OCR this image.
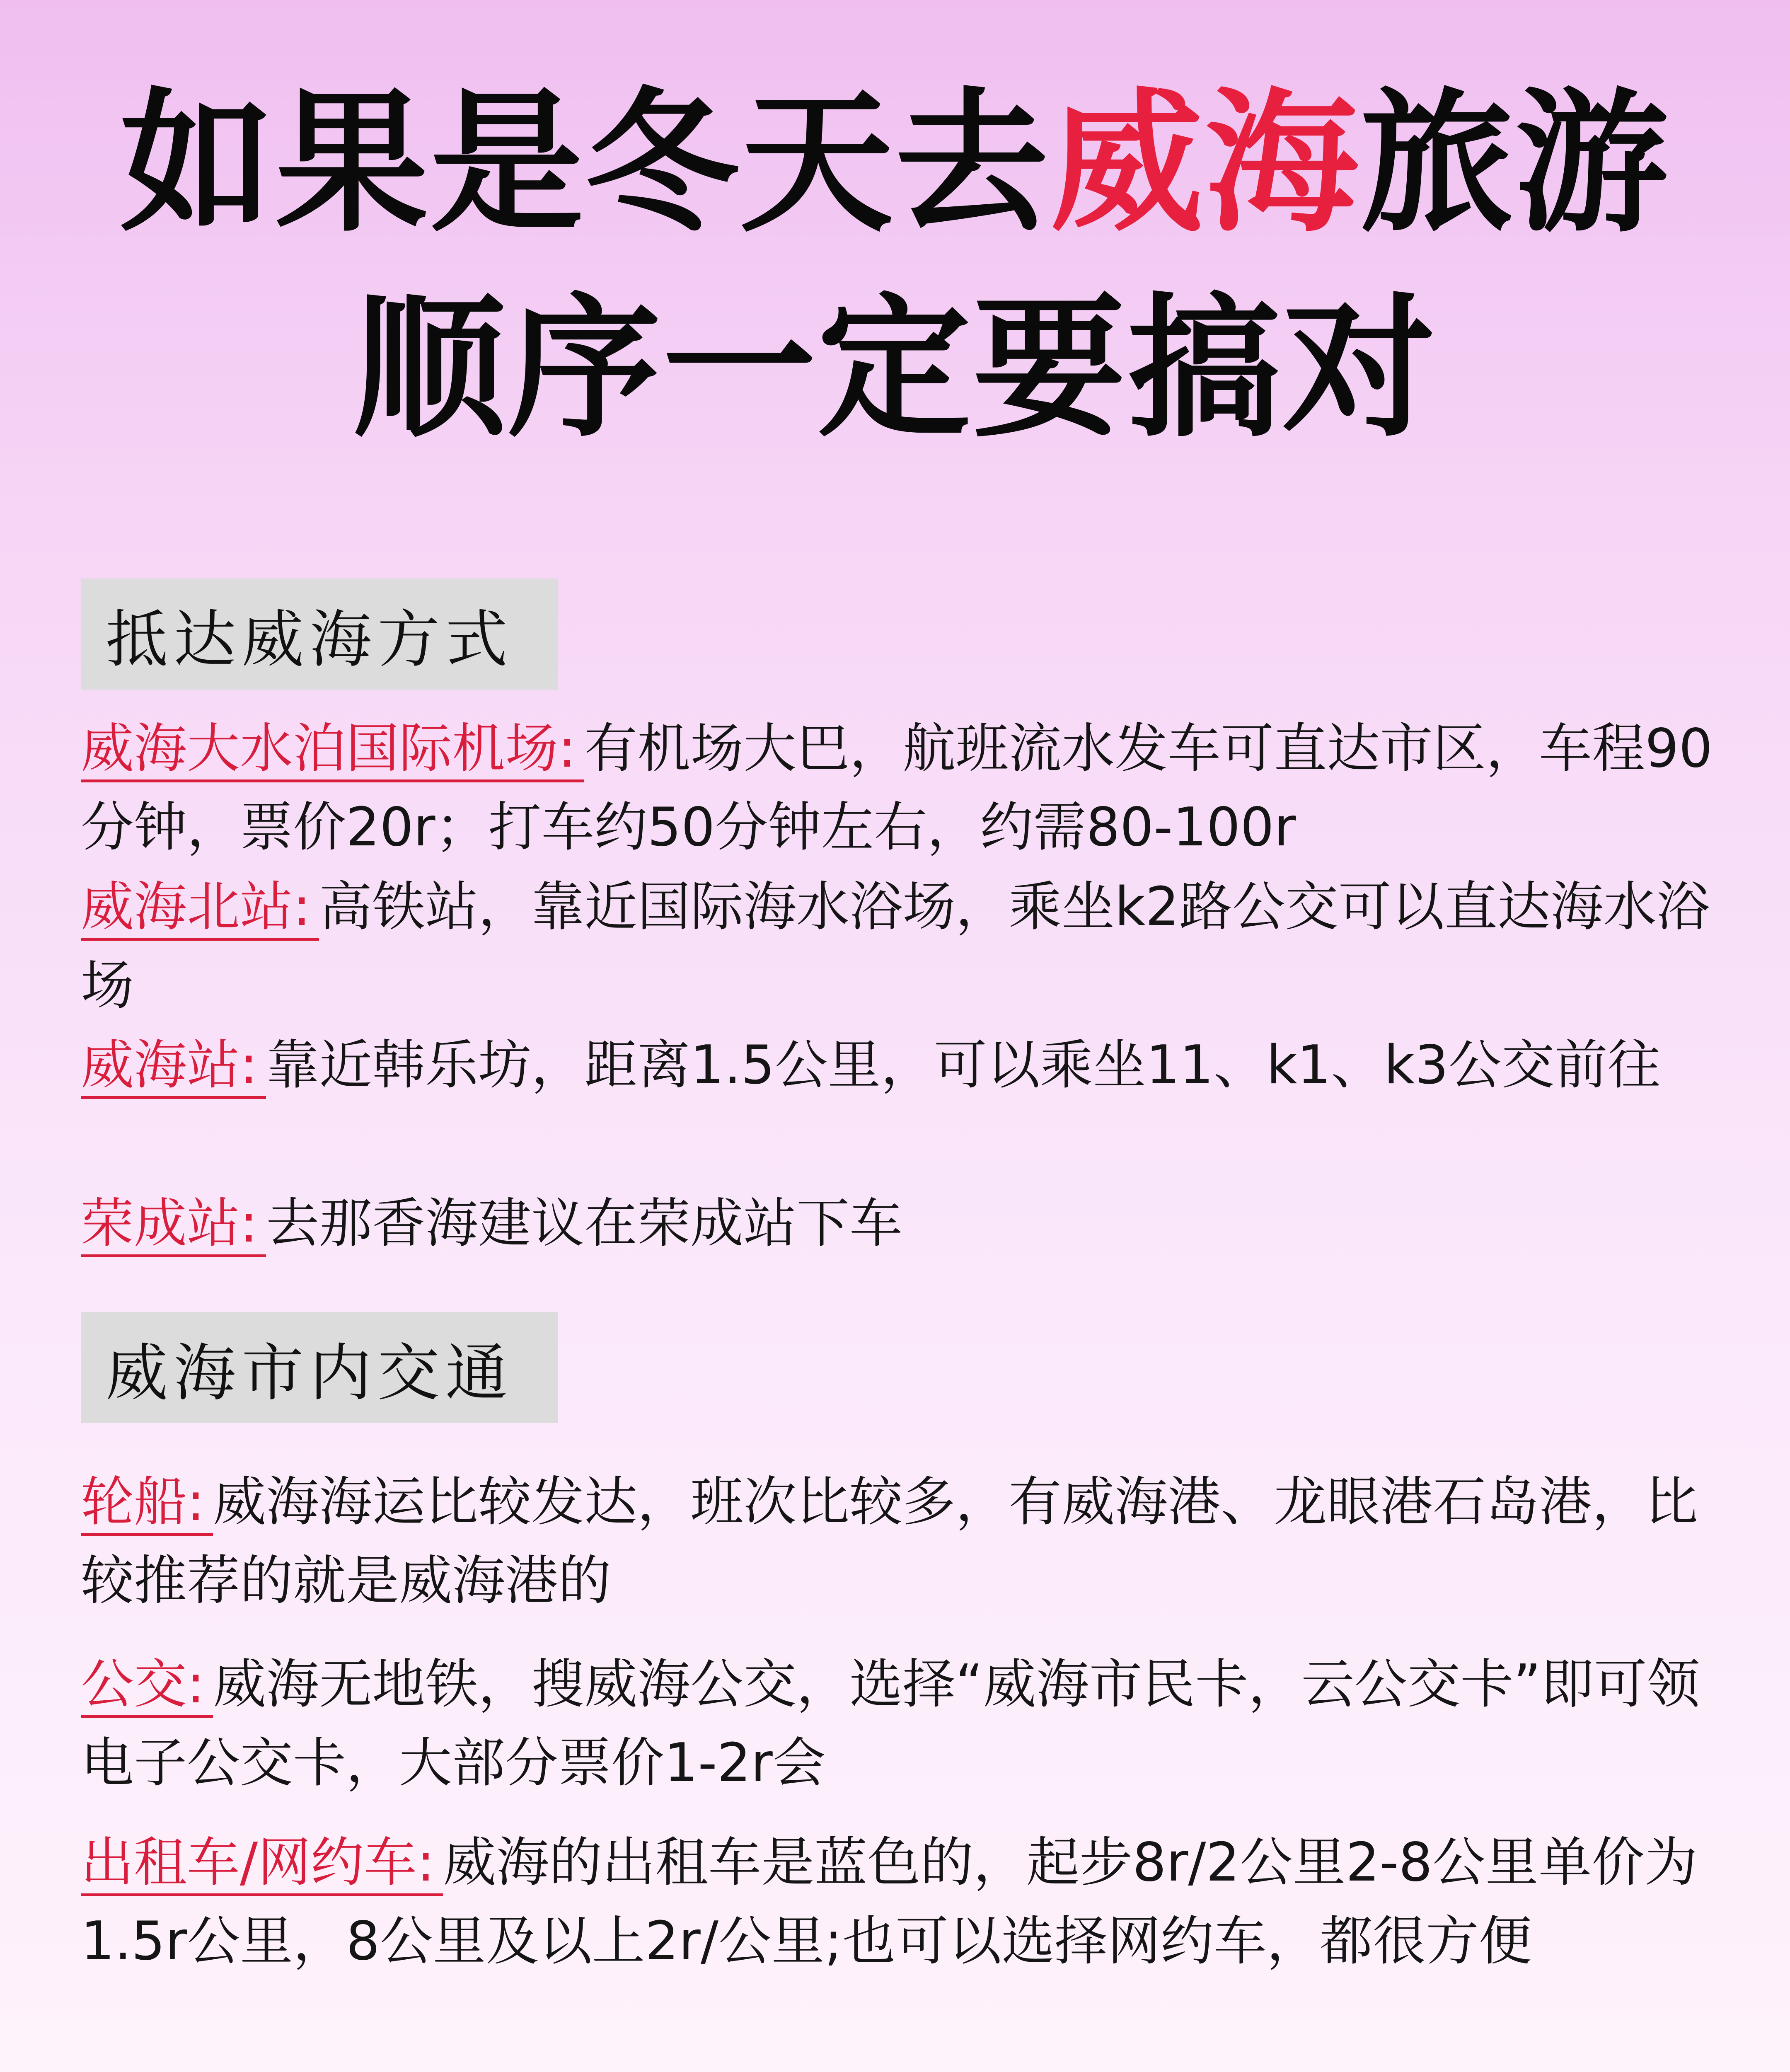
如果是冬天去威海旅游
顺序一定要搞对
抵达威海方式
威海大水泊国际机场: 有机场大巴，航班流水发车可直达市区，车程90分钟，票价20r；打车约50分钟左右，约需80-100r
威海北站: 高铁站，靠近国际海水浴场，乘坐k2路公交可以直达海水浴场
威海站: 靠近韩乐坊，距离1.5公里，可以乘坐11、k1、k3公交前往
荣成站: 去那香海建议在荣成站下车
威海市内交通
轮船: 威海海运比较发达，班次比较多，有威海港、龙眼港石岛港，比较推荐的就是威海港的
公交: 威海无地铁，搜威海公交，选择“威海市民卡，云公交卡”即可领电子公交卡，大部分票价1-2r会
出租车/网约车: 威海的出租车是蓝色的，起步8r/2公里2-8公里单价为1.5r公里，8公里及以上2r/公里;也可以选择网约车，都很方便
